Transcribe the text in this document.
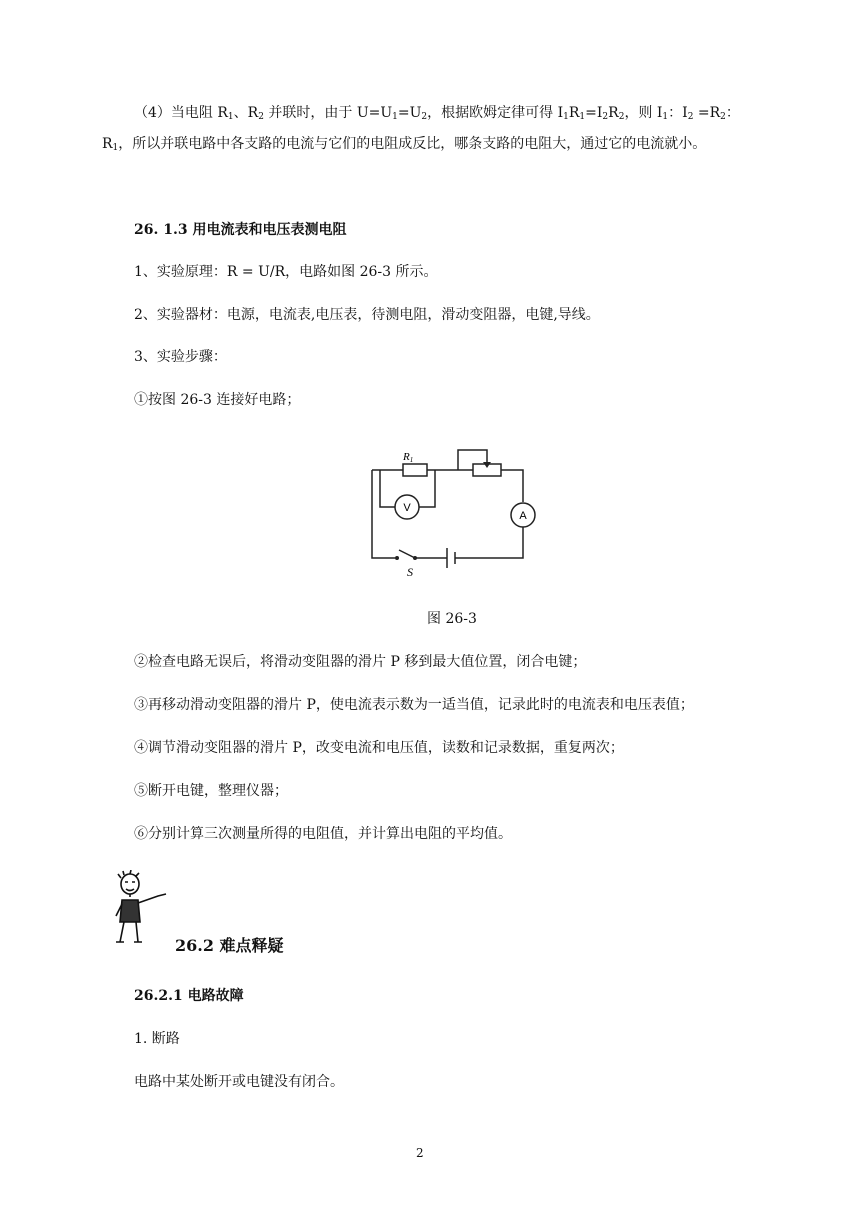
（4）当电阻 $R_1$、$R_2$ 并联时，由于 $U=U_1=U_2$，根据欧姆定律可得 $I_1R_1=I_2R_2$，则 $I_1$：$I_2 =R_2$：
$R_1$，所以并联电路中各支路的电流与它们的电阻成反比，哪条支路的电阻大，通过它的电流就小。
26. 1.3 用电流表和电压表测电阻
1、实验原理：R = U/R，电路如图 26-3 所示。
2、实验器材：电源，电流表,电压表，待测电阻，滑动变阻器，电键,导线。
3、实验步骤：
①按图 26-3 连接好电路；
R1
V
A
S
图 26-3
②检查电路无误后，将滑动变阻器的滑片 P 移到最大值位置，闭合电键；
③再移动滑动变阻器的滑片 P，使电流表示数为一适当值，记录此时的电流表和电压表值；
④调节滑动变阻器的滑片 P，改变电流和电压值，读数和记录数据，重复两次；
⑤断开电键，整理仪器；
⑥分别计算三次测量所得的电阻值，并计算出电阻的平均值。
26.2 难点释疑
26.2.1 电路故障
1. 断路
电路中某处断开或电键没有闭合。
2
